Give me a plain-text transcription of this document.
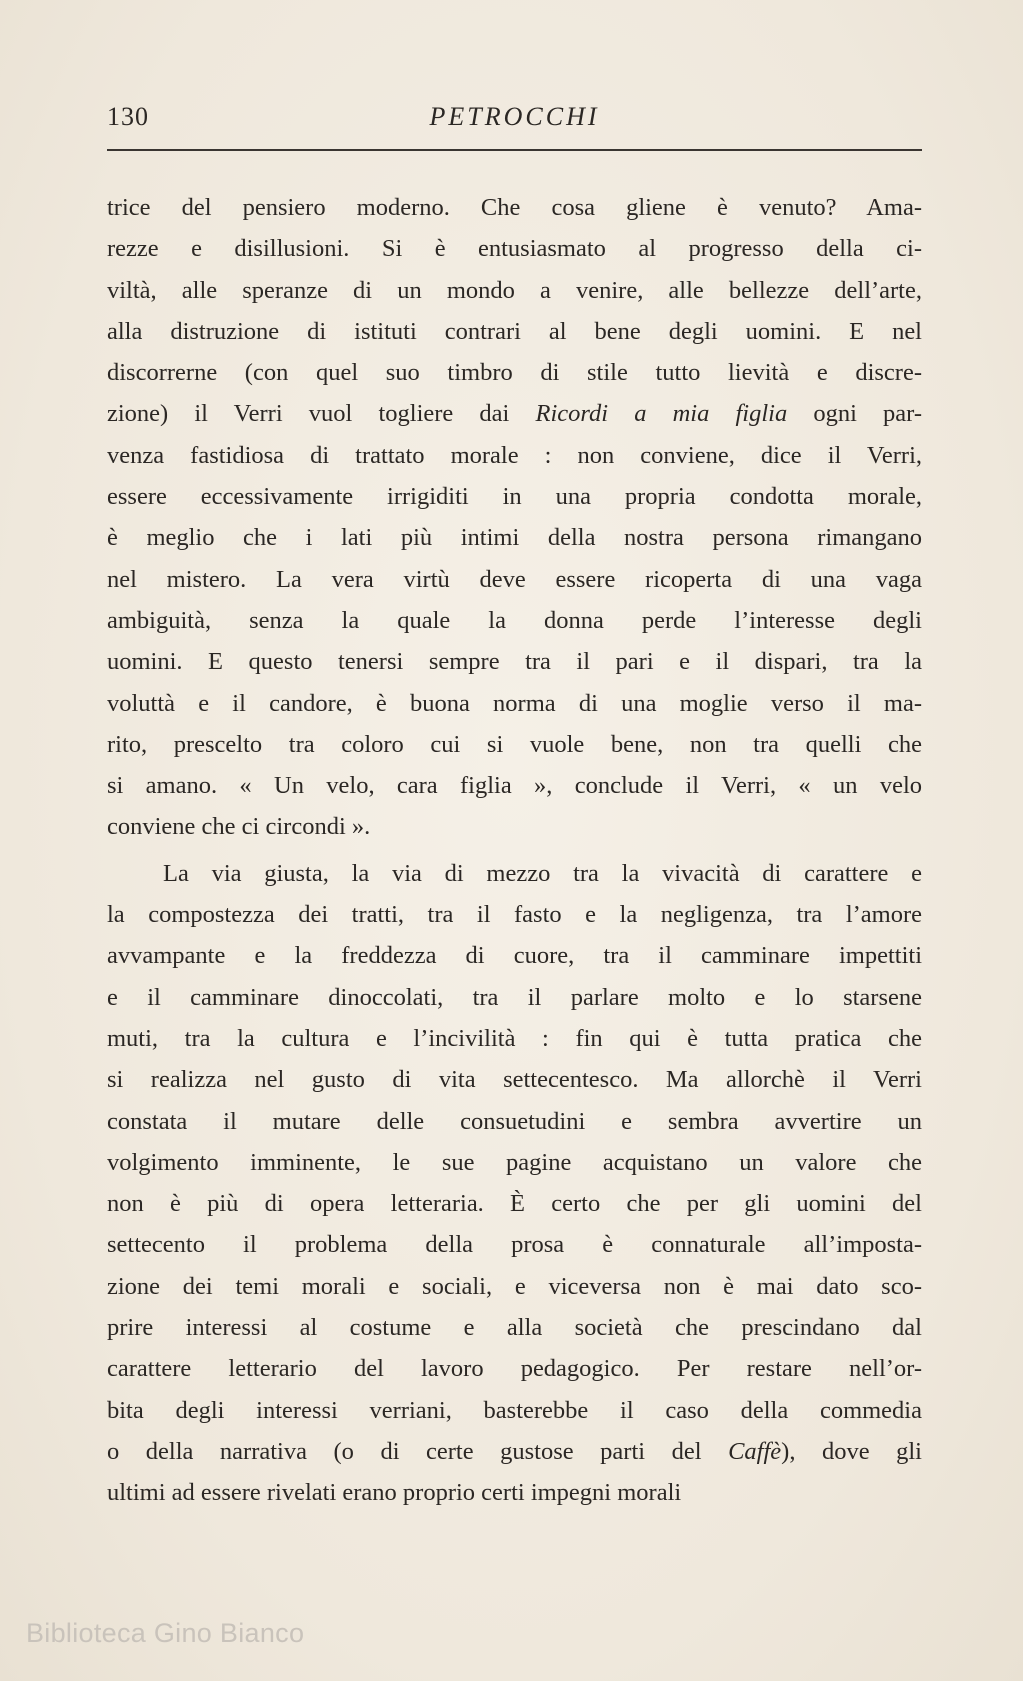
130	PETROCCHI
trice del pensiero moderno. Che cosa gliene è venuto? Ama-
rezze e disillusioni. Si è entusiasmato al progresso della ci-
viltà, alle speranze di un mondo a venire, alle bellezze dell’arte,
alla distruzione di istituti contrari al bene degli uomini. E nel
discorrerne (con quel suo timbro di stile tutto lievità e discre-
zione) il Verri vuol togliere dai Ricordi a mia figlia ogni par-
venza fastidiosa di trattato morale : non conviene, dice il Verri,
essere eccessivamente irrigiditi in una propria condotta morale,
è meglio che i lati più intimi della nostra persona rimangano
nel mistero. La vera virtù deve essere ricoperta di una vaga
ambiguità, senza la quale la donna perde l’interesse degli
uomini. E questo tenersi sempre tra il pari e il dispari, tra la
voluttà e il candore, è buona norma di una moglie verso il ma-
rito, prescelto tra coloro cui si vuole bene, non tra quelli che
si amano. « Un velo, cara figlia », conclude il Verri, « un velo
conviene che ci circondi ».
La via giusta, la via di mezzo tra la vivacità di carattere e
la compostezza dei tratti, tra il fasto e la negligenza, tra l’amore
avvampante e la freddezza di cuore, tra il camminare impettiti
e il camminare dinoccolati, tra il parlare molto e lo starsene
muti, tra la cultura e l’incivilità : fin qui è tutta pratica che
si realizza nel gusto di vita settecentesco. Ma allorchè il Verri
constata il mutare delle consuetudini e sembra avvertire un
volgimento imminente, le sue pagine acquistano un valore che
non è più di opera letteraria. È certo che per gli uomini del
settecento il problema della prosa è connaturale all’imposta-
zione dei temi morali e sociali, e viceversa non è mai dato sco-
prire interessi al costume e alla società che prescindano dal
carattere letterario del lavoro pedagogico. Per restare nell’or-
bita degli interessi verriani, basterebbe il caso della commedia
o della narrativa (o di certe gustose parti del Caffè), dove gli
ultimi ad essere rivelati erano proprio certi impegni morali
Biblioteca Gino Bianco
